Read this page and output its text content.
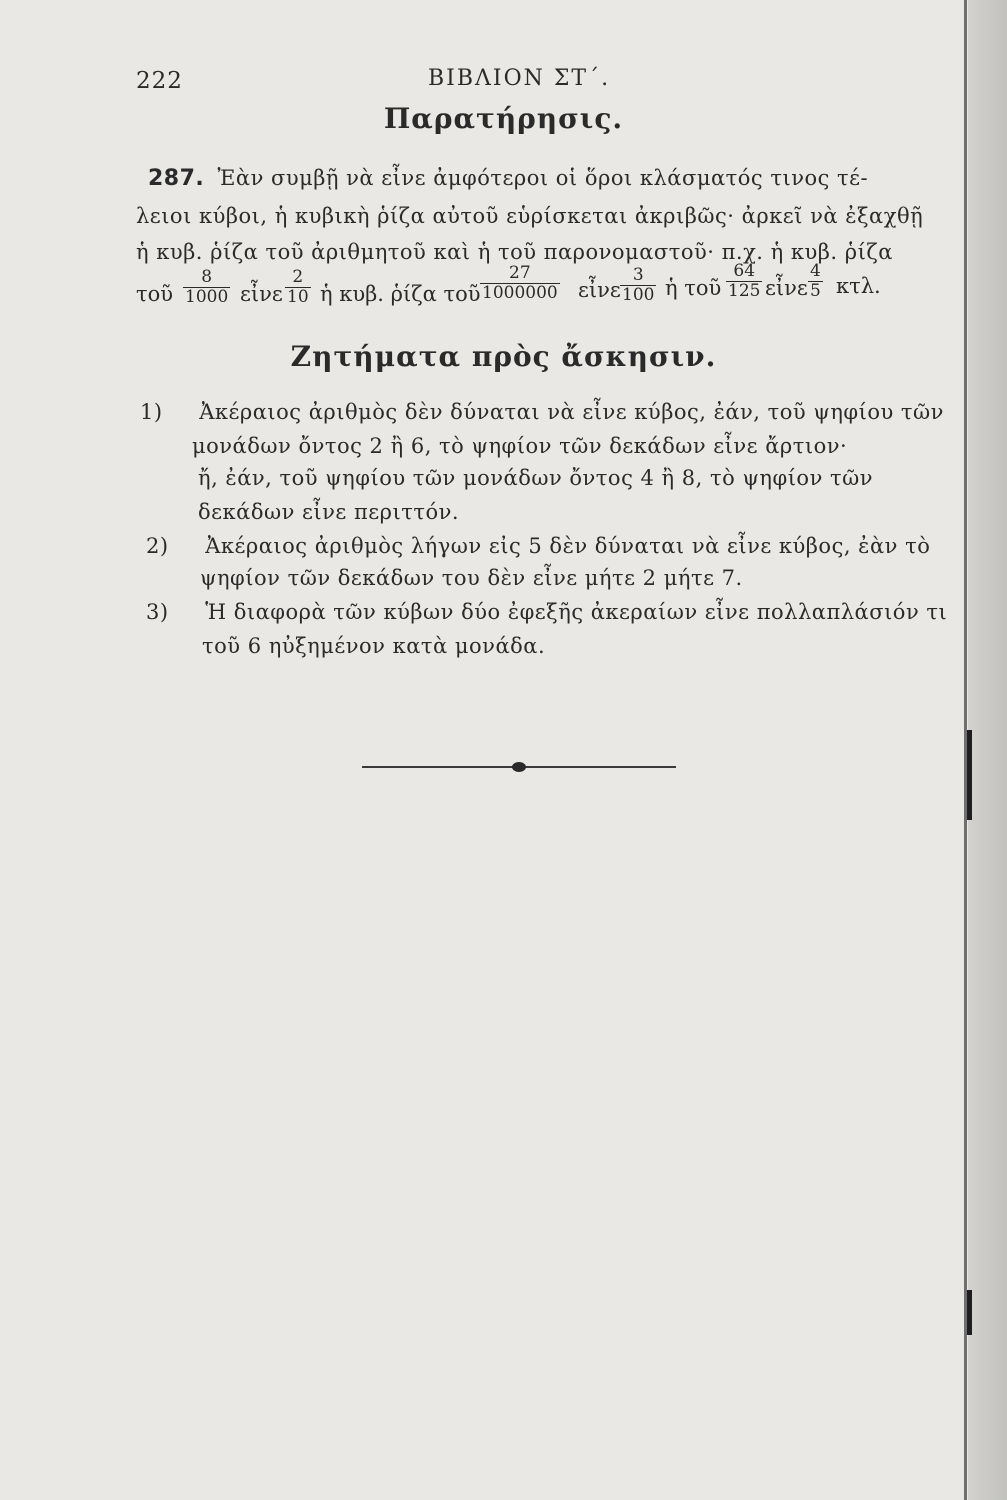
222	ΒΙΒΛΙΟΝ ΣΤ΄.
Παρατήρησις.
287. Ἐὰν συμβῇ νὰ εἶνε ἀμφότεροι οἱ ὅροι κλάσματός τινος τέ-
λειοι κύβοι, ἡ κυβικὴ ῥίζα αὐτοῦ εὑρίσκεται ἀκριβῶς· ἀρκεῖ νὰ ἐξαχθῇ
ἡ κυβ. ῥίζα τοῦ ἀριθμητοῦ καὶ ἡ τοῦ παρονομαστοῦ· π.χ. ἡ κυβ. ῥίζα
τοῦ $\frac{8}{1000}$ εἶνε $\frac{2}{10}$ ἡ κυβ. ῥίζα τοῦ $\frac{27}{1000000}$ εἶνε $\frac{3}{100}$ ἡ τοῦ $\frac{64}{125}$ εἶνε $\frac{4}{5} \kappa\tau\lambda$.
Ζητήματα πρὸς ἄσκησιν.
1) Ἀκέραιος ἀριθμὸς δὲν δύναται νὰ εἶνε κύβος, ἐάν, τοῦ ψηφίου τῶν
μονάδων ὄντος 2 ἢ 6, τὸ ψηφίον τῶν δεκάδων εἶνε ἄρτιον·
ἤ, ἐάν, τοῦ ψηφίου τῶν μονάδων ὄντος 4 ἢ 8, τὸ ψηφίον τῶν
δεκάδων εἶνε περιττόν.
2) Ἀκέραιος ἀριθμὸς λήγων εἰς 5 δὲν δύναται νὰ εἶνε κύβος, ἐὰν τὸ
ψηφίον τῶν δεκάδων του δὲν εἶνε μήτε 2 μήτε 7.
3) Ἡ διαφορὰ τῶν κύβων δύο ἐφεξῆς ἀκεραίων εἶνε πολλαπλάσιόν τι
τοῦ 6 ηὐξημένον κατὰ μονάδα.
